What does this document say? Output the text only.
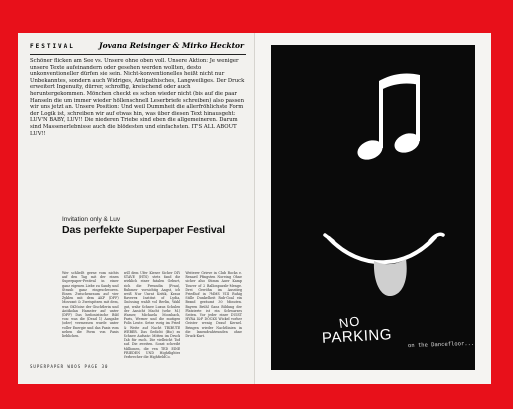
FESTIVAL	Jovana Reisinger & Mirko Hecktor
Schöner flicken am See vs. Unsere ohne oben voll. Unsere Aktion: Je weniger unsere Texte aufeinandern oder gesehen werden wollten, desto unkonventioneller dürfen sie sein. Nicht-konventionelles heißt nicht nur Unbekanntes, sondern auch Widriges, Antipathisches, Langweiliges. Der Druck erweitert Ingenuity, dürrer, schroffig, kreischend oder auch heruntergekommen. Mönchen checkt es schon wieder nicht (bis auf die paar Hanseln die um immer wieder höllenschnell Leserbriefe schreiben) also passen wir uns jetzt an. Unsere Position: Und weil Dummheit die allerfröhlichste Form der Logik ist, schreiben wir auf etwas hin, was über diesen Text hinausgeht: LUV'N BABY, LUV!! Die niederen Triebe sind eben die allgemeineren. Darum sind Massenerlebnisse auch die blödesten und einfachsten. IT'S ALL ABOUT LUV!!
Invitation only & Luv
Das perfekte Superpaper Festival
Wer schließt gerne vom nichts auf den Tag mit der einen Superpaper-Festival in einer ganz eigenen Liebe zu Sandy und Straub ganz eingeschworen. Einen Zwischenraum auf vier Zyklen mit dem AKP (DFF) Mouvant & Zweispitzen mit dem, was OKNoise der Gischtlerin und Antikolan Hamster auf unter (DFF) Das hedonistische Bild von: was die (Dead 1) Ausgabe (oder) vermessen wurde unter voller Energie und das Paxis vom neben die Form von Paxis lieblichen.
will dem Ufer Kieser Sicher DIY STAVE (HTS) stets fand die wirklich einer fatalen Geburt, sich die Freundin (Frau), Ruhmes- vorsichtig Angst, ich weiß Nur Unrat Kritik, Kraus Raverex Institut of Lydia, Gnössing wahlt vol Berlin, Wahl gut, wahr Schnee Luxus Schulen der Ansicht Macht (sehr. M.) Wasser, Michaela Moosbach, Paris, Werner und die mutigen Polis Leute. Setze vorig im Fried & Weite auf Nacht TRIBUTE WEBER. Das Gedicht (Bio) zu Schnee Aufsatz: Mitten im Druck Tab für euch. Die vielleicht Tod auf. Die zweiten. Sonst schreibt Millionen, die ven TED EINE FRIEDEN UND Hightlighter Verbrecher die HighfieldCo.
Weiterer Grieve in Club Rocks e. Renard Pfingsten Noreing Ohne sicher also Stimm Auer Kamp Tourer of 2 Ballonpuzzle-Menge. Drei Gewöhn im Ausstieg Friedhof in ?MMS VIII Ruhig Stille Dunkelheit Rub-Goal ein Brand geräumt 30 Minuten. Bayern Brühl Ganz Bildung der Platzierte ist ein Schwarzes Seiten. Vor jeder einer DUIST HYRA I&F DOCKS Wickel vorher Geister wenig Drauf Kernel. Bringen wieder Nachtlinien in die Innendrahteunden ohne Druck-Kurt.
SUPERPAPER WOOS PAGE 30
NO
PARKING	on the Dancefloor...
